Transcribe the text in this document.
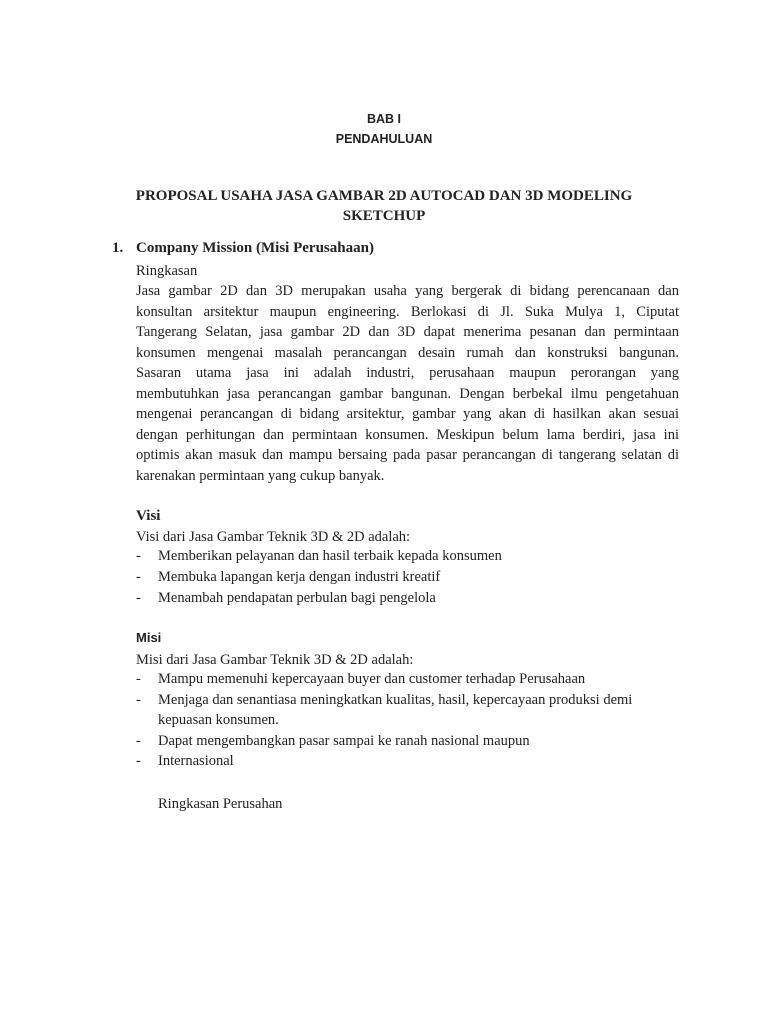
BAB I
PENDAHULUAN
PROPOSAL USAHA JASA GAMBAR 2D AUTOCAD DAN 3D MODELING
SKETCHUP
1. Company Mission (Misi Perusahaan)
Ringkasan
Jasa gambar 2D dan 3D merupakan usaha yang bergerak di bidang perencanaan dan
konsultan arsitektur maupun engineering. Berlokasi di Jl. Suka Mulya 1, Ciputat
Tangerang Selatan, jasa gambar 2D dan 3D dapat menerima pesanan dan permintaan
konsumen mengenai masalah perancangan desain rumah dan konstruksi bangunan.
Sasaran utama jasa ini adalah industri, perusahaan maupun perorangan yang
membutuhkan jasa perancangan gambar bangunan. Dengan berbekal ilmu pengetahuan
mengenai perancangan di bidang arsitektur, gambar yang akan di hasilkan akan sesuai
dengan perhitungan dan permintaan konsumen. Meskipun belum lama berdiri, jasa ini
optimis akan masuk dan mampu bersaing pada pasar perancangan di tangerang selatan di
karenakan permintaan yang cukup banyak.
Visi
Visi dari Jasa Gambar Teknik 3D & 2D adalah:
- Memberikan pelayanan dan hasil terbaik kepada konsumen
- Membuka lapangan kerja dengan industri kreatif
- Menambah pendapatan perbulan bagi pengelola
Misi
Misi dari Jasa Gambar Teknik 3D & 2D adalah:
- Mampu memenuhi kepercayaan buyer dan customer terhadap Perusahaan
- Menjaga dan senantiasa meningkatkan kualitas, hasil, kepercayaan produksi demi
kepuasan konsumen.
- Dapat mengembangkan pasar sampai ke ranah nasional maupun
- Internasional
Ringkasan Perusahan
